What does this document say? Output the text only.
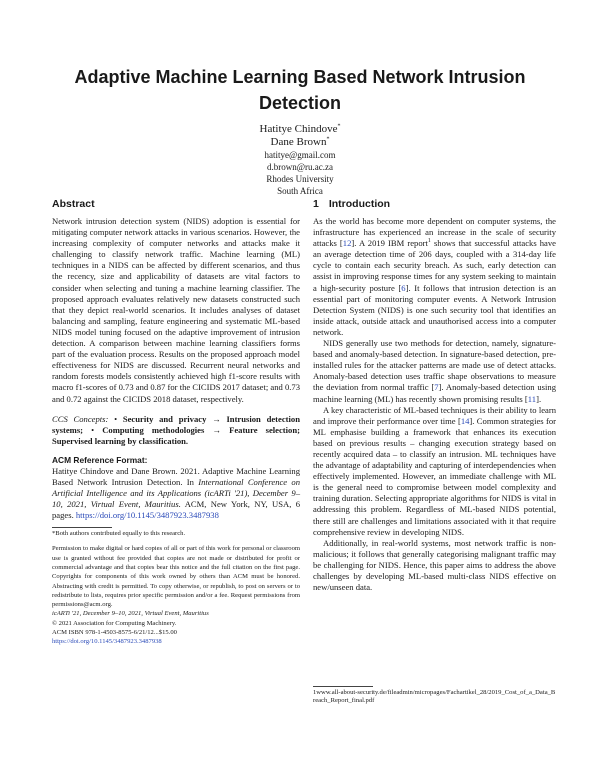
Adaptive Machine Learning Based Network Intrusion Detection
Hatitye Chindove*
Dane Brown*
hatitye@gmail.com
d.brown@ru.ac.za
Rhodes University
South Africa
Abstract

Network intrusion detection system (NIDS) adoption is essential for mitigating computer network attacks in various scenarios. However, the increasing complexity of computer networks and attacks make it challenging to classify network traffic. Machine learning (ML) techniques in a NIDS can be affected by different scenarios, and thus the recency, size and applicability of datasets are vital factors to consider when selecting and tuning a machine learning classifier. The proposed approach evaluates relatively new datasets constructed such that they depict real-world scenarios. It includes analyses of dataset balancing and sampling, feature engineering and systematic ML-based NIDS model tuning focused on the adaptive improvement of intrusion detection. A comparison between machine learning classifiers forms part of the evaluation process. Results on the proposed approach model effectiveness for NIDS are discussed. Recurrent neural networks and random forests models consistently achieved high f1-score results with macro f1-scores of 0.73 and 0.87 for the CICIDS 2017 dataset; and 0.73 and 0.72 against the CICIDS 2018 dataset, respectively.

CCS Concepts: • Security and privacy → Intrusion detection systems; • Computing methodologies → Feature selection; Supervised learning by classification.
ACM Reference Format:
Hatitye Chindove and Dane Brown. 2021. Adaptive Machine Learning Based Network Intrusion Detection. In International Conference on Artificial Intelligence and its Applications (icARTi '21), December 9–10, 2021, Virtual Event, Mauritius. ACM, New York, NY, USA, 6 pages. https://doi.org/10.1145/3487923.3487938
*Both authors contributed equally to this research.
Permission to make digital or hard copies of all or part of this work for personal or classroom use is granted without fee provided that copies are not made or distributed for profit or commercial advantage and that copies bear this notice and the full citation on the first page. Copyrights for components of this work owned by others than ACM must be honored. Abstracting with credit is permitted. To copy otherwise, or republish, to post on servers or to redistribute to lists, requires prior specific permission and/or a fee. Request permissions from permissions@acm.org.
icARTi '21, December 9–10, 2021, Virtual Event, Mauritius
© 2021 Association for Computing Machinery.
ACM ISBN 978-1-4503-8575-6/21/12...$15.00
https://doi.org/10.1145/3487923.3487938
1 Introduction

As the world has become more dependent on computer systems, the infrastructure has experienced an increase in the scale of security attacks [12]. A 2019 IBM report$^1$ shows that successful attacks have an average detection time of 206 days, coupled with a 314-day life cycle to contain each security breach. As such, early detection can assist in improving response times for any system seeking to maintain a high-security posture [6]. It follows that intrusion detection is an essential part of monitoring computer events. A Network Intrusion Detection System (NIDS) is one such security tool that identifies an inside attack, outside attack and unauthorised access into a computer network.

NIDS generally use two methods for detection, namely, signature-based and anomaly-based detection. In signature-based detection, pre-installed rules for the attacker patterns are made use of detect attacks. Anomaly-based detection uses traffic shape observations to measure the deviation from normal traffic [7]. Anomaly-based detection using machine learning (ML) has recently shown promising results [11].

A key characteristic of ML-based techniques is their ability to learn and improve their performance over time [14]. Common strategies for ML emphasise building a framework that enhances its execution based on previous results – changing execution strategy based on recently acquired data – to classify an intrusion. ML techniques have the advantage of adaptability and capturing of interdependencies when effectively implemented. However, an immediate challenge with ML is the general need to compromise between model complexity and training duration. Selecting appropriate algorithms for NIDS is vital in addressing this problem. Regardless of ML-based NIDS potential, there still are challenges and limitations associated with it that require comprehensive review in developing NIDS.

Additionally, in real-world systems, most network traffic is non-malicious; it follows that generally categorising malignant traffic may be challenging for NIDS. Hence, this paper aims to address the above challenges by developing ML-based multi-class NIDS effective on new/unseen data.

1www.all-about-security.de/fileadmin/micropages/Fachartikel_28/2019_Cost_of_a_Data_Breach_Report_final.pdf
